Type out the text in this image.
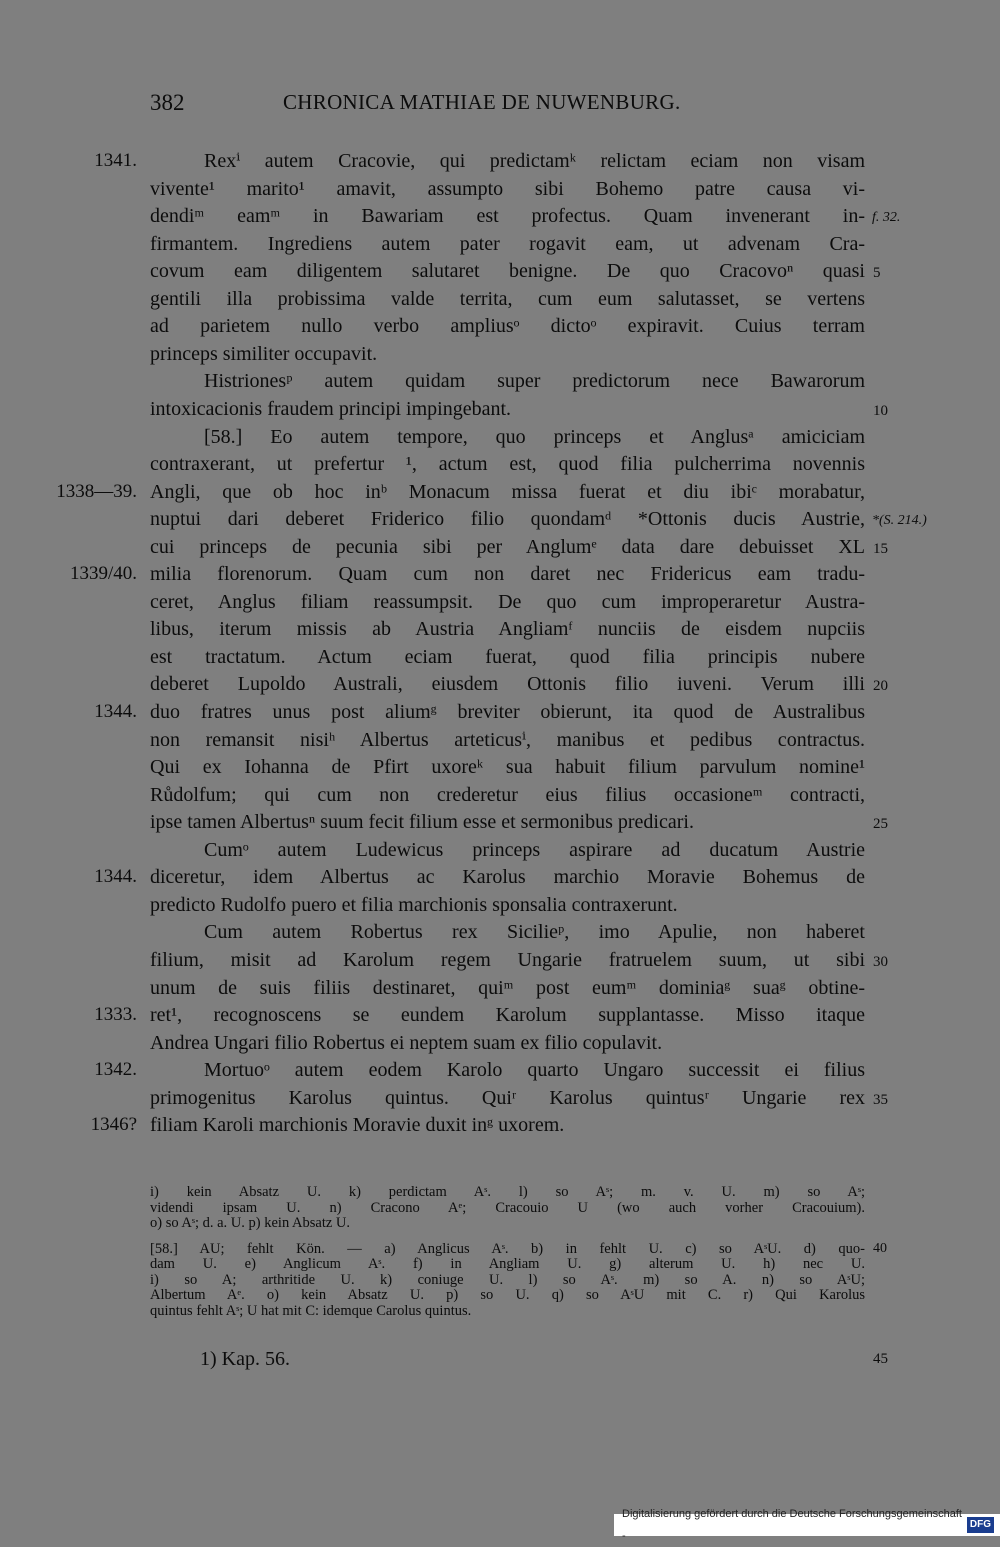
382	CHRONICA MATHIAE DE NUWENBURG.
Rexⁱ autem Cracovie, qui predictamᵏ relictam eciam non visam
1341.
vivente¹ marito¹ amavit, assumpto sibi Bohemo patre causa vi-
dendiᵐ eamᵐ in Bawariam est profectus. Quam invenerant in- f. 32.
firmantem. Ingrediens autem pater rogavit eam, ut advenam Cra-
covum eam diligentem salutaret benigne. De quo Cracovoⁿ quasi 5
gentili illa probissima valde territa, cum eum salutasset, se vertens
ad parietem nullo verbo ampliusᵒ dictoᵒ expiravit. Cuius terram
princeps similiter occupavit.
Histrionesᵖ autem quidam super predictorum nece Bawarorum
intoxicacionis fraudem principi impingebant.	10
[58.] Eo autem tempore, quo princeps et Anglusᵃ amiciciam
contraxerant, ut prefertur ¹, actum est, quod filia pulcherrima novennis
Angli, que ob hoc inᵇ Monacum missa fuerat et diu ibiᶜ morabatur,
1338—39.
nuptui dari deberet Friderico filio quondamᵈ *Ottonis ducis Austrie, *(S. 214.)
cui princeps de pecunia sibi per Anglumᵉ data dare debuisset XL 15
milia florenorum. Quam cum non daret nec Fridericus eam tradu-
1339/40.
ceret, Anglus filiam reassumpsit. De quo cum improperaretur Austra-
libus, iterum missis ab Austria Angliamᶠ nunciis de eisdem nupciis
est tractatum. Actum eciam fuerat, quod filia principis nubere
deberet Lupoldo Australi, eiusdem Ottonis filio iuveni. Verum illi 20
duo fratres unus post aliumᵍ breviter obierunt, ita quod de Australibus
1344.
non remansit nisiʰ Albertus arteticusⁱ, manibus et pedibus contractus.
Qui ex Iohanna de Pfirt uxoreᵏ sua habuit filium parvulum nomine¹
Růdolfum; qui cum non crederetur eius filius occasioneᵐ contracti,
ipse tamen Albertusⁿ suum fecit filium esse et sermonibus predicari.	25
Cumᵒ autem Ludewicus princeps aspirare ad ducatum Austrie
diceretur, idem Albertus ac Karolus marchio Moravie Bohemus de
1344.
predicto Rudolfo puero et filia marchionis sponsalia contraxerunt.
Cum autem Robertus rex Sicilieᵖ, imo Apulie, non haberet
filium, misit ad Karolum regem Ungarie fratruelem suum, ut sibi 30
unum de suis filiis destinaret, quiᵐ post eumᵐ dominiaᵍ suaᵍ obtine-
ret¹, recognoscens se eundem Karolum supplantasse. Misso itaque
1333.
Andrea Ungari filio Robertus ei neptem suam ex filio copulavit.
Mortuoᵒ autem eodem Karolo quarto Ungaro successit ei filius
1342.
primogenitus Karolus quintus. Quiʳ Karolus quintusʳ Ungarie rex 35
filiam Karoli marchionis Moravie duxit inᵍ uxorem.
1346?
i) kein Absatz U. k) perdictam Aˢ. l) so Aˢ; m. v. U. m) so Aˢ;
videndi ipsam U. n) Cracono Aᵉ; Cracouio U (wo auch vorher Cracouium).
o) so Aˢ; d. a. U. p) kein Absatz U.
[58.] AU; fehlt Kön. — a) Anglicus Aˢ. b) in fehlt U. c) so AˢU. d) quo- 40
dam U. e) Anglicum Aˢ. f) in Angliam U. g) alterum U. h) nec U.
i) so A; arthritide U. k) coniuge U. l) so Aˢ. m) so A. n) so AˢU;
Albertum Aᵉ. o) kein Absatz U. p) so U. q) so AˢU mit C. r) Qui Karolus
quintus fehlt Aˢ; U hat mit C: idemque Carolus quintus.
1) Kap. 56.	45
Digitalisierung gefördert durch die Deutsche Forschungsgemeinschaft -
DFG
